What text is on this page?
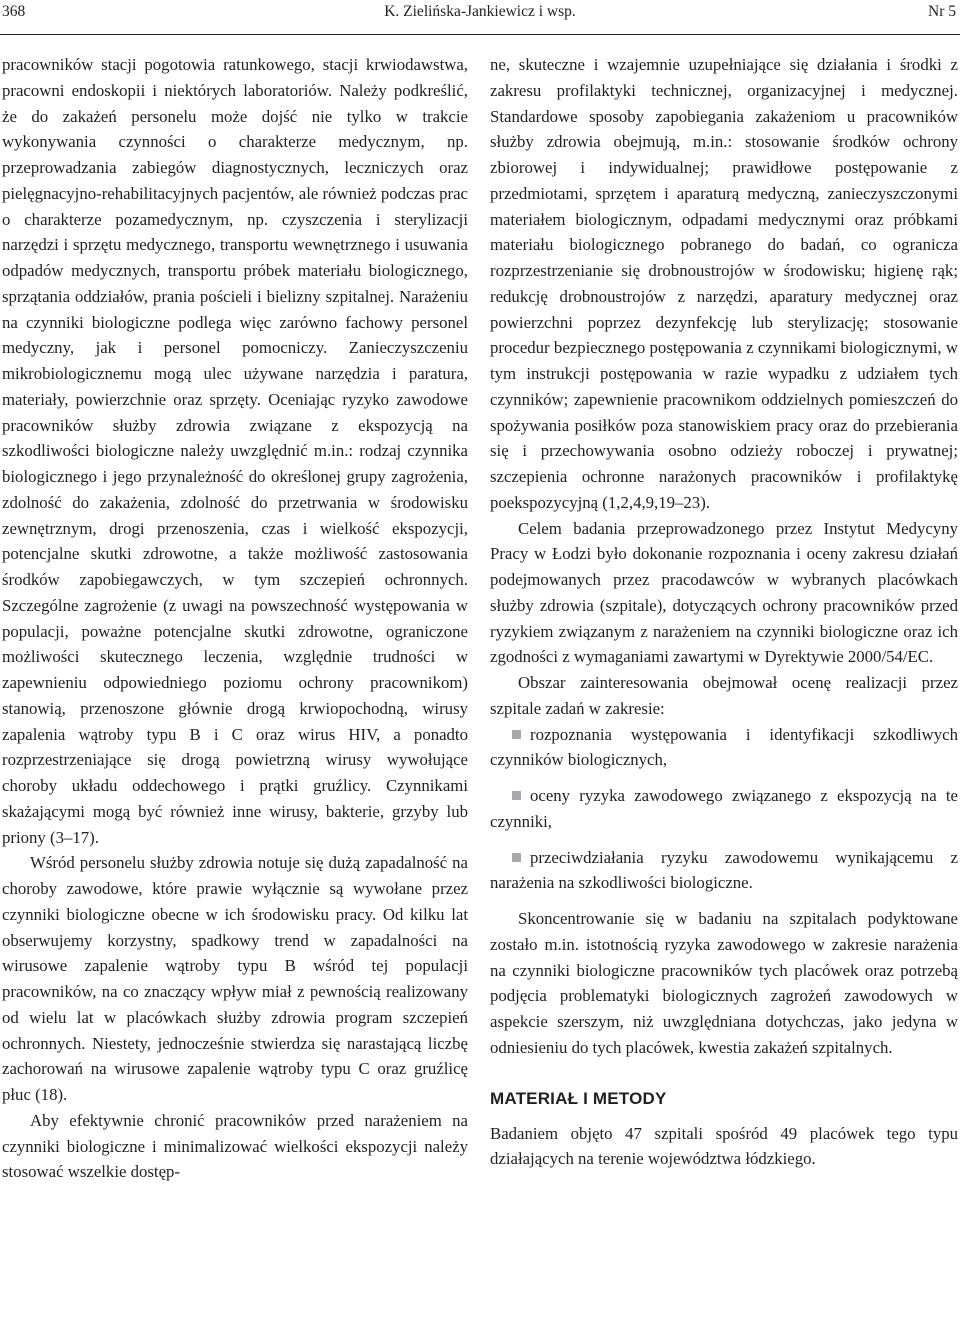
368	K. Zielińska-Jankiewicz i wsp.	Nr 5

pracowników stacji pogotowia ratunkowego, stacji krwiodawstwa, pracowni endoskopii i niektórych laboratoriów. Należy podkreślić, że do zakażeń personelu może dojść nie tylko w trakcie wykonywania czynności o charakterze medycznym, np. przeprowadzania zabiegów diagnostycznych, leczniczych oraz pielęgnacyjno-rehabilitacyjnych pacjentów, ale również podczas prac o charakterze pozamedycznym, np. czyszczenia i sterylizacji narzędzi i sprzętu medycznego, transportu wewnętrznego i usuwania odpadów medycznych, transportu próbek materiału biologicznego, sprzątania oddziałów, prania pościeli i bielizny szpitalnej. Narażeniu na czynniki biologiczne podlega więc zarówno fachowy personel medyczny, jak i personel pomocniczy. Zanieczyszczeniu mikrobiologicznemu mogą ulec używane narzędzia i paratura, materiały, powierzchnie oraz sprzęty. Oceniając ryzyko zawodowe pracowników służby zdrowia związane z ekspozycją na szkodliwości biologiczne należy uwzględnić m.in.: rodzaj czynnika biologicznego i jego przynależność do określonej grupy zagrożenia, zdolność do zakażenia, zdolność do przetrwania w środowisku zewnętrznym, drogi przenoszenia, czas i wielkość ekspozycji, potencjalne skutki zdrowotne, a także możliwość zastosowania środków zapobiegawczych, w tym szczepień ochronnych. Szczególne zagrożenie (z uwagi na powszechność występowania w populacji, poważne potencjalne skutki zdrowotne, ograniczone możliwości skutecznego leczenia, względnie trudności w zapewnieniu odpowiedniego poziomu ochrony pracownikom) stanowią, przenoszone głównie drogą krwiopochodną, wirusy zapalenia wątroby typu B i C oraz wirus HIV, a ponadto rozprzestrzeniające się drogą powietrzną wirusy wywołujące choroby układu oddechowego i prątki gruźlicy. Czynnikami skażającymi mogą być również inne wirusy, bakterie, grzyby lub priony (3–17).

Wśród personelu służby zdrowia notuje się dużą zapadalność na choroby zawodowe, które prawie wyłącznie są wywołane przez czynniki biologiczne obecne w ich środowisku pracy. Od kilku lat obserwujemy korzystny, spadkowy trend w zapadalności na wirusowe zapalenie wątroby typu B wśród tej populacji pracowników, na co znaczący wpływ miał z pewnością realizowany od wielu lat w placówkach służby zdrowia program szczepień ochronnych. Niestety, jednocześnie stwierdza się narastającą liczbę zachorowań na wirusowe zapalenie wątroby typu C oraz gruźlicę płuc (18).

Aby efektywnie chronić pracowników przed narażeniem na czynniki biologiczne i minimalizować wielkości ekspozycji należy stosować wszelkie dostęp-

ne, skuteczne i wzajemnie uzupełniające się działania i środki z zakresu profilaktyki technicznej, organizacyjnej i medycznej. Standardowe sposoby zapobiegania zakażeniom u pracowników służby zdrowia obejmują, m.in.: stosowanie środków ochrony zbiorowej i indywidualnej; prawidłowe postępowanie z przedmiotami, sprzętem i aparaturą medyczną, zanieczyszczonymi materiałem biologicznym, odpadami medycznymi oraz próbkami materiału biologicznego pobranego do badań, co ogranicza rozprzestrzenianie się drobnoustrojów w środowisku; higienę rąk; redukcję drobnoustrojów z narzędzi, aparatury medycznej oraz powierzchni poprzez dezynfekcję lub sterylizację; stosowanie procedur bezpiecznego postępowania z czynnikami biologicznymi, w tym instrukcji postępowania w razie wypadku z udziałem tych czynników; zapewnienie pracownikom oddzielnych pomieszczeń do spożywania posiłków poza stanowiskiem pracy oraz do przebierania się i przechowywania osobno odzieży roboczej i prywatnej; szczepienia ochronne narażonych pracowników i profilaktykę poekspozycyjną (1,2,4,9,19–23).

Celem badania przeprowadzonego przez Instytut Medycyny Pracy w Łodzi było dokonanie rozpoznania i oceny zakresu działań podejmowanych przez pracodawców w wybranych placówkach służby zdrowia (szpitale), dotyczących ochrony pracowników przed ryzykiem związanym z narażeniem na czynniki biologiczne oraz ich zgodności z wymaganiami zawartymi w Dyrektywie 2000/54/EC.

Obszar zainteresowania obejmował ocenę realizacji przez szpitale zadań w zakresie:

rozpoznania występowania i identyfikacji szkodliwych czynników biologicznych,
oceny ryzyka zawodowego związanego z ekspozycją na te czynniki,
przeciwdziałania ryzyku zawodowemu wynikającemu z narażenia na szkodliwości biologiczne.

Skoncentrowanie się w badaniu na szpitalach podyktowane zostało m.in. istotnością ryzyka zawodowego w zakresie narażenia na czynniki biologiczne pracowników tych placówek oraz potrzebą podjęcia problematyki biologicznych zagrożeń zawodowych w aspekcie szerszym, niż uwzględniana dotychczas, jako jedyna w odniesieniu do tych placówek, kwestia zakażeń szpitalnych.

MATERIAŁ I METODY

Badaniem objęto 47 szpitali spośród 49 placówek tego typu działających na terenie województwa łódzkiego.
